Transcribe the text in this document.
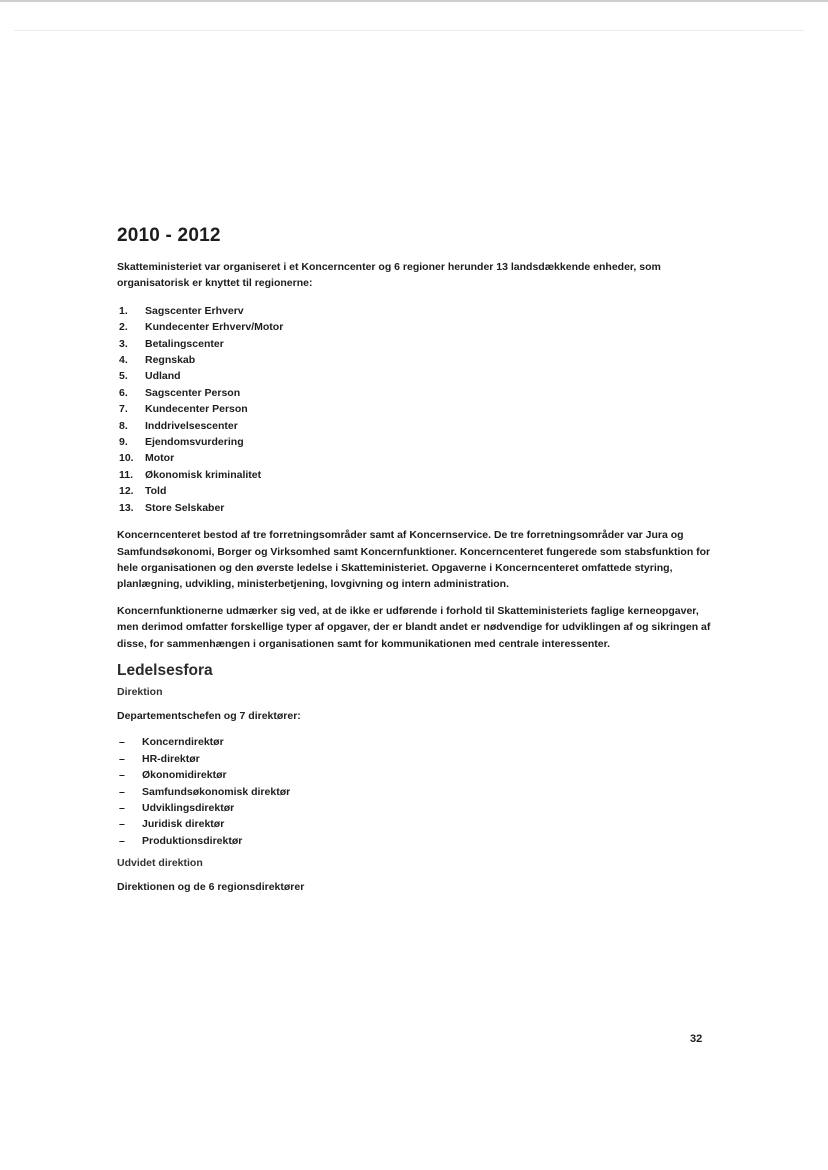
2010 - 2012

Skatteministeriet var organiseret i et Koncerncenter og 6 regioner herunder 13 landsdækkende enheder, som organisatorisk er knyttet til regionerne:

1.	Sagscenter Erhverv
2.	Kundecenter Erhverv/Motor
3.	Betalingscenter
4.	Regnskab
5.	Udland
6.	Sagscenter Person
7.	Kundecenter Person
8.	Inddrivelsescenter
9.	Ejendomsvurdering
10.	Motor
11.	Økonomisk kriminalitet
12.	Told
13.	Store Selskaber

Koncerncenteret bestod af tre forretningsområder samt af Koncernservice. De tre forretningsområder var Jura og Samfundsøkonomi, Borger og Virksomhed samt Koncernfunktioner. Koncerncenteret fungerede som stabsfunktion for hele organisationen og den øverste ledelse i Skatteministeriet. Opgaverne i Koncerncenteret omfattede styring, planlægning, udvikling, ministerbetjening, lovgivning og intern administration.

Koncernfunktionerne udmærker sig ved, at de ikke er udførende i forhold til Skatteministeriets faglige kerneopgaver, men derimod omfatter forskellige typer af opgaver, der er blandt andet er nødvendige for udviklingen af og sikringen af disse, for sammenhængen i organisationen samt for kommunikationen med centrale interessenter.

Ledelsesfora
Direktion

Departementschefen og 7 direktører:

–	Koncerndirektør
–	HR-direktør
–	Økonomidirektør
–	Samfundsøkonomisk direktør
–	Udviklingsdirektør
–	Juridisk direktør
–	Produktionsdirektør
Udvidet direktion

Direktionen og de 6 regionsdirektører

32
